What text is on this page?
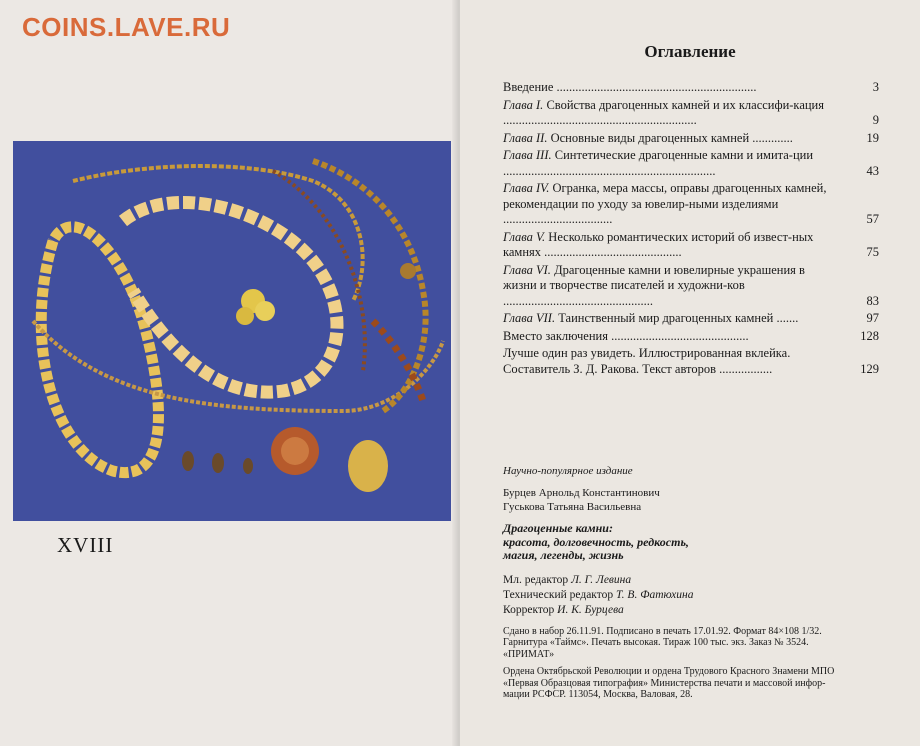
COINS.LAVE.RU
XVIII
Оглавление
Введение ................................................................	3
Глава I. Свойства драгоценных камней и их классифи-кация ..............................................................	9
Глава II. Основные виды драгоценных камней .............	19
Глава III. Синтетические драгоценные камни и имита-ции ....................................................................	43
Глава IV. Огранка, мера массы, оправы драгоценных камней, рекомендации по уходу за ювелир-ными изделиями ...................................	57
Глава V. Несколько романтических историй об извест-ных камнях ............................................	75
Глава VI. Драгоценные камни и ювелирные украшения в жизни и творчестве писателей и художни-ков ................................................	83
Глава VII. Таинственный мир драгоценных камней .......	97
Вместо заключения ............................................	128
Лучше один раз увидеть. Иллюстрированная вклейка. Составитель З. Д. Ракова. Текст авторов .................	129
Научно-популярное издание
Бурцев Арнольд Константинович
Гуськова Татьяна Васильевна
Драгоценные камни:
красота, долговечность, редкость,
магия, легенды, жизнь
Мл. редактор Л. Г. Левина
Технический редактор Т. В. Фатюхина
Корректор И. К. Бурцева
Сдано в набор 26.11.91. Подписано в печать 17.01.92. Формат 84×108 1/32.
Гарнитура «Таймс». Печать высокая. Тираж 100 тыс. экз. Заказ № 3524.
«ПРИМАТ»
Ордена Октябрьской Революции и ордена Трудового Красного Знамени МПО
«Первая Образцовая типография» Министерства печати и массовой инфор-
мации РСФСР. 113054, Москва, Валовая, 28.
